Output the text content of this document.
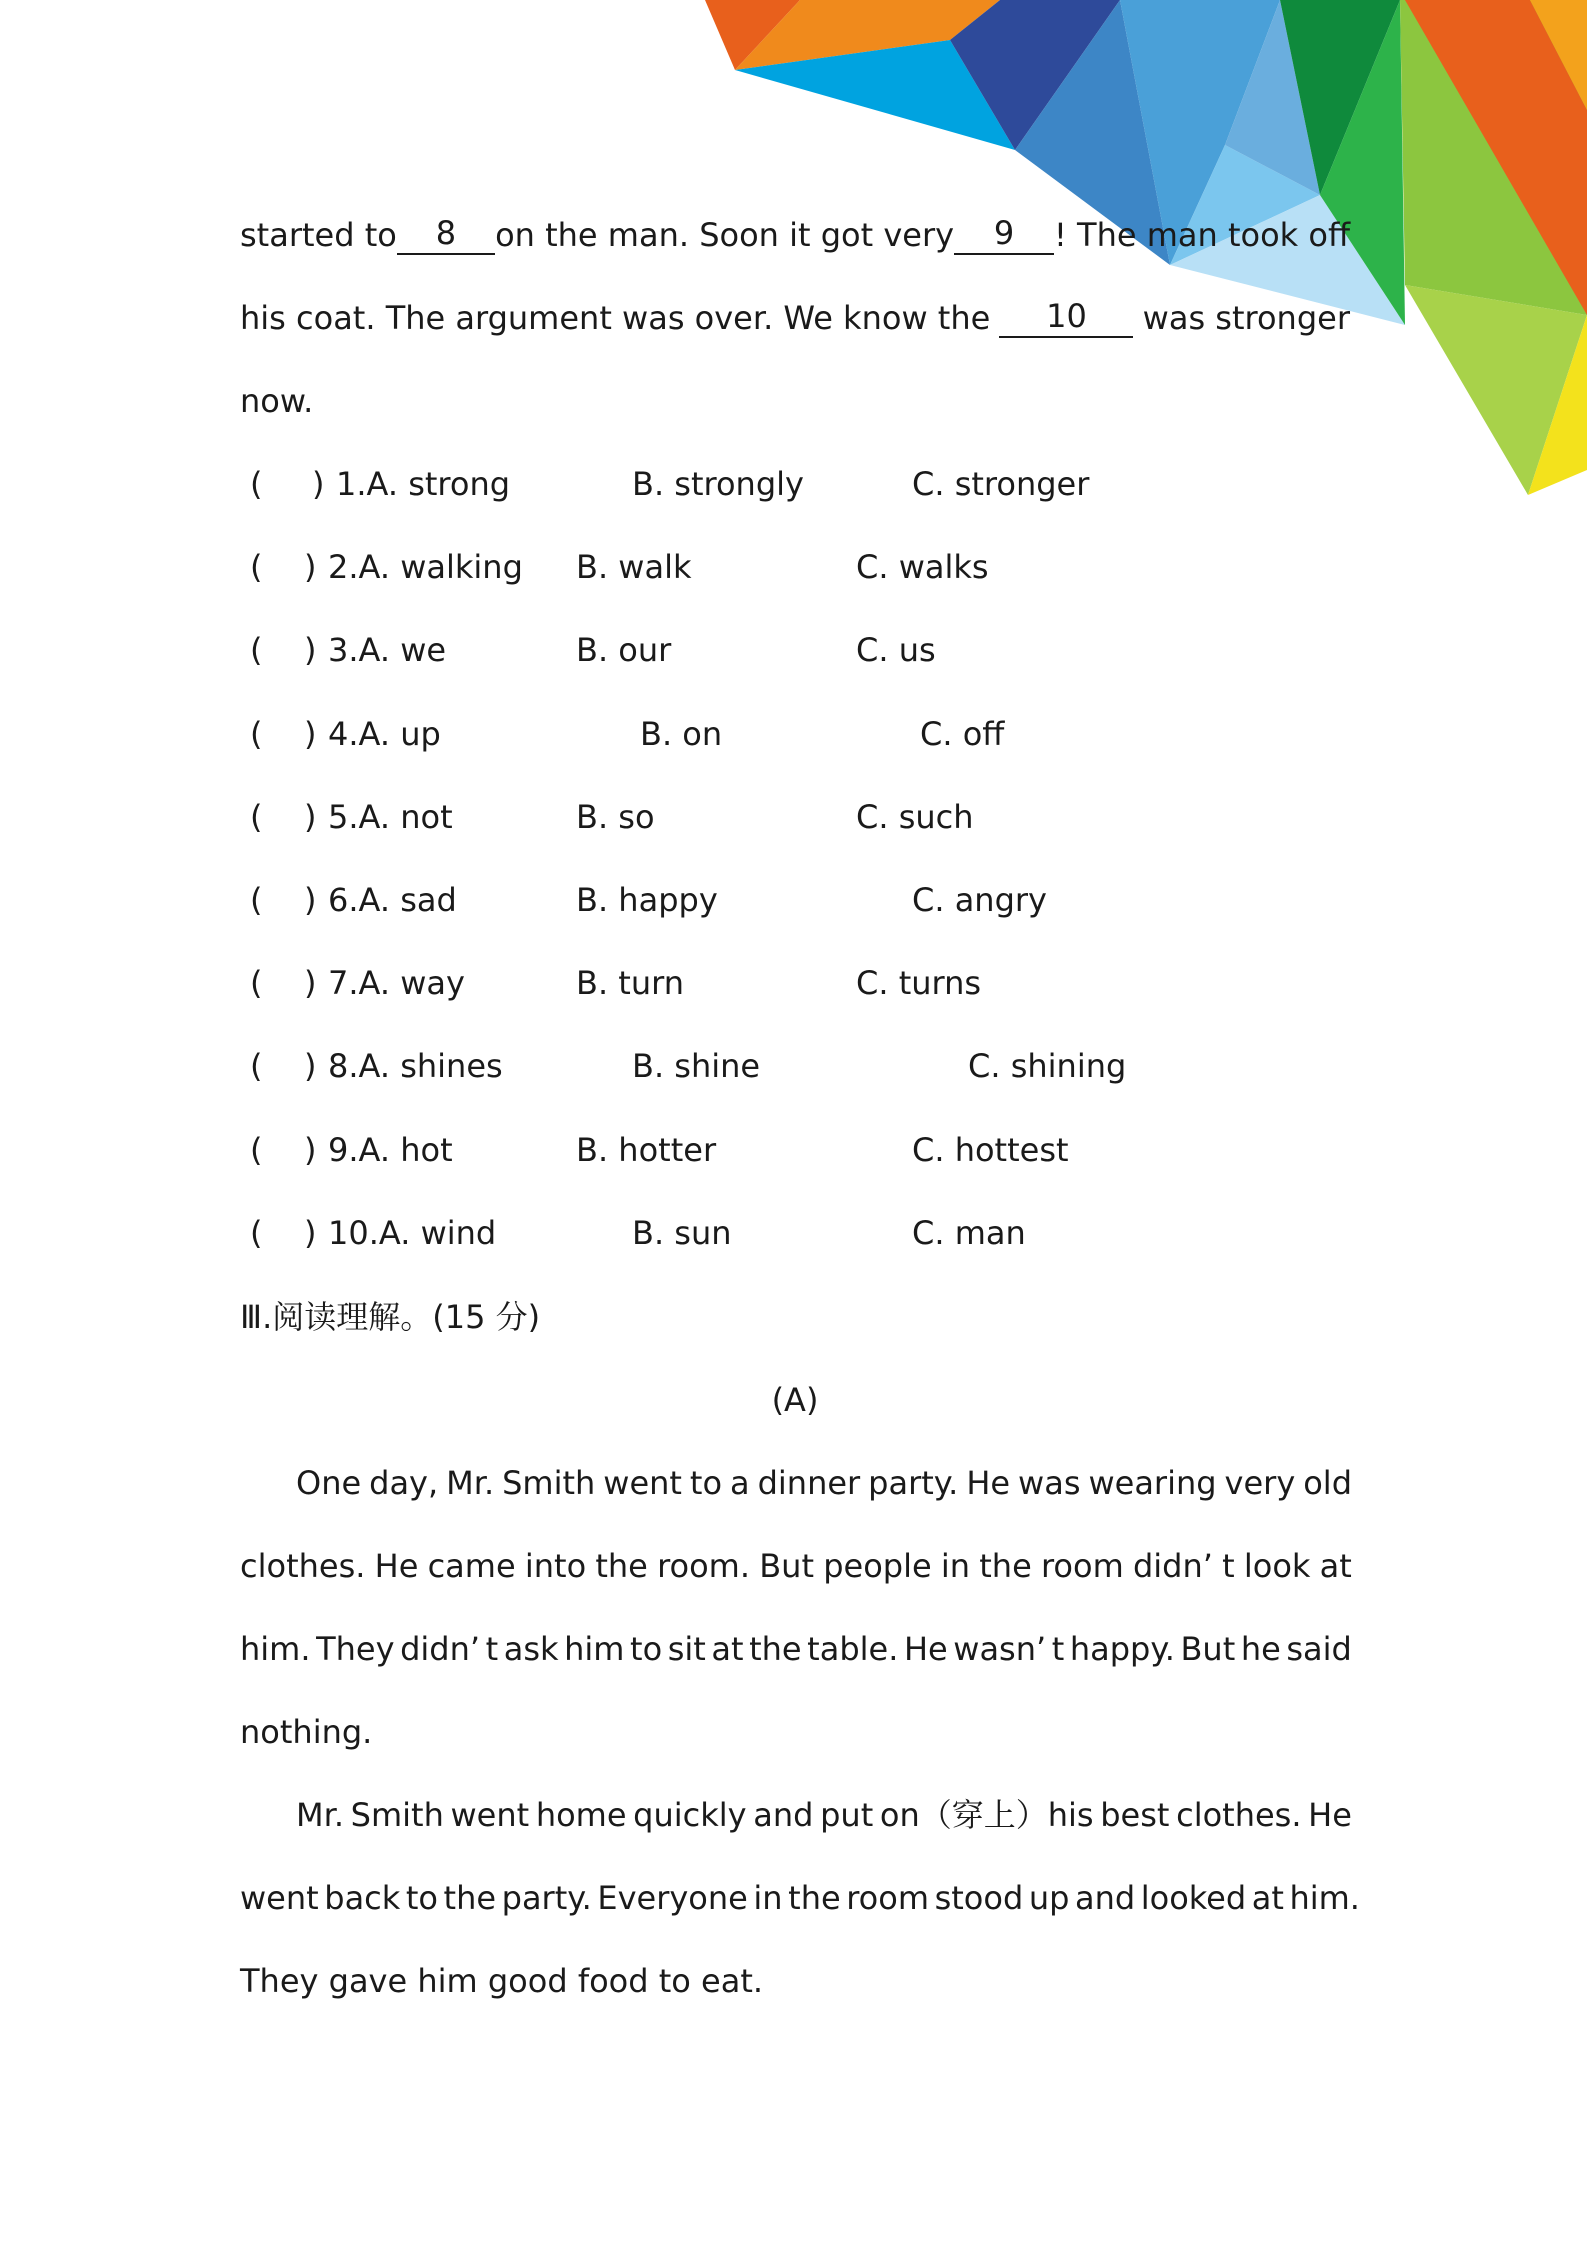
started to	8	on the man. Soon it got very	9	! The man took off
his coat. The argument was over. We know the	10	was stronger
now.
( ) 1.A. strong	B. strongly	C. stronger
( ) 2.A. walking B. walk	C. walks
( ) 3.A. we	B. our	C. us
( ) 4.A. up	B. on	C. off
( ) 5.A. not	B. so	C. such
( ) 6.A. sad	B. happy	C. angry
( ) 7.A. way	B. turn	C. turns
( ) 8.A. shines	B. shine	C. shining
( ) 9.A. hot	B. hotter	C. hottest
( ) 10.A. wind	B. sun	C. man
Ⅲ.阅读理解。(15 分)
(A)
One day, Mr. Smith went to a dinner party. He was wearing very old
clothes. He came into the room. But people in the room didn’ t look at
him. They didn’ t ask him to sit at the table. He wasn’ t happy. But he said
nothing.
Mr. Smith went home quickly and put on（穿上）his best clothes. He
went back to the party. Everyone in the room stood up and looked at him.
They gave him good food to eat.
